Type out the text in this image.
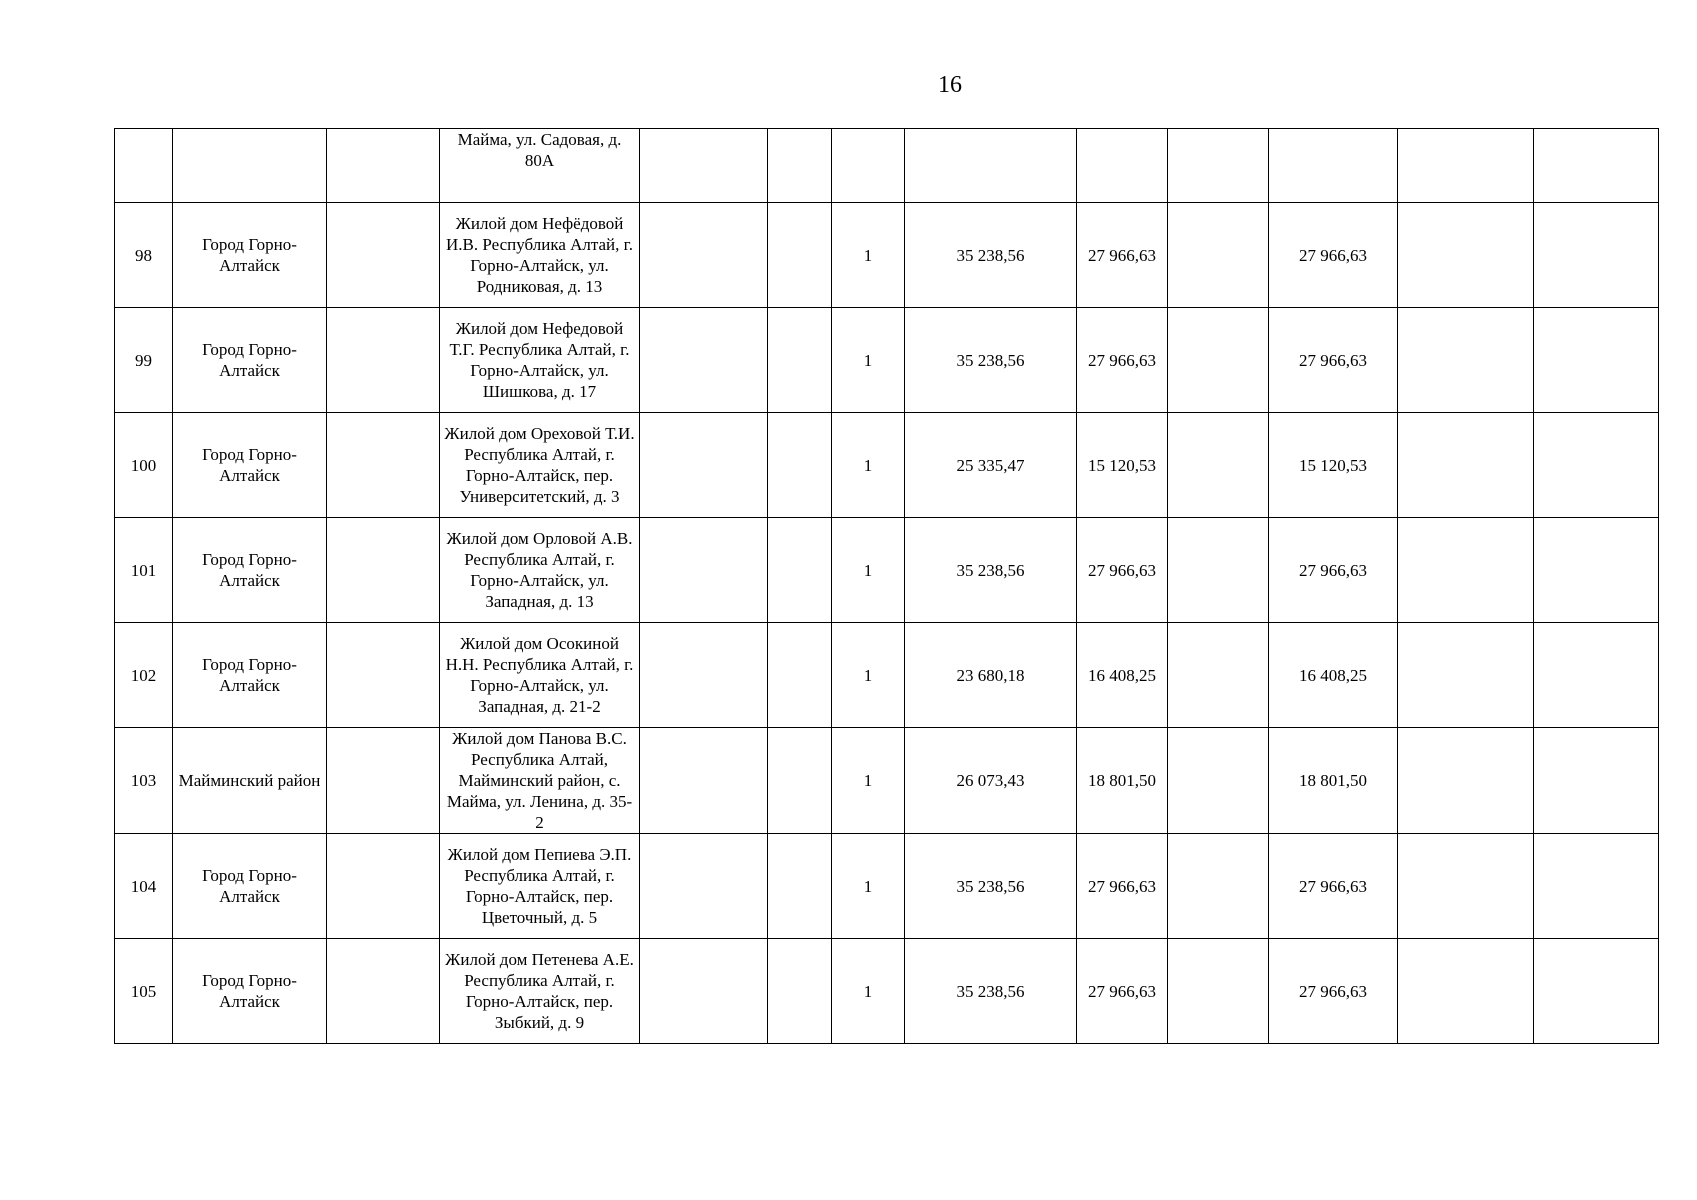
16
			Майма, ул. Садовая, д. 80А									
98	Город Горно-Алтайск		Жилой дом Нефёдовой И.В. Республика Алтай, г. Горно-Алтайск, ул. Родниковая, д. 13			1	35 238,56	27 966,63		27 966,63		
99	Город Горно-Алтайск		Жилой дом Нефедовой Т.Г. Республика Алтай, г. Горно-Алтайск, ул. Шишкова, д. 17			1	35 238,56	27 966,63		27 966,63		
100	Город Горно-Алтайск		Жилой дом Ореховой Т.И. Республика Алтай, г. Горно-Алтайск, пер. Университетский, д. 3			1	25 335,47	15 120,53		15 120,53		
101	Город Горно-Алтайск		Жилой дом Орловой А.В. Республика Алтай, г. Горно-Алтайск, ул. Западная, д. 13			1	35 238,56	27 966,63		27 966,63		
102	Город Горно-Алтайск		Жилой дом Осокиной Н.Н. Республика Алтай, г. Горно-Алтайск, ул. Западная, д. 21-2			1	23 680,18	16 408,25		16 408,25		
103	Майминский район		Жилой дом Панова В.С. Республика Алтай, Майминский район, с. Майма, ул. Ленина, д. 35-2			1	26 073,43	18 801,50		18 801,50		
104	Город Горно-Алтайск		Жилой дом Пепиева Э.П. Республика Алтай, г. Горно-Алтайск, пер. Цветочный, д. 5			1	35 238,56	27 966,63		27 966,63		
105	Город Горно-Алтайск		Жилой дом Петенева А.Е. Республика Алтай, г. Горно-Алтайск, пер. Зыбкий, д. 9			1	35 238,56	27 966,63		27 966,63		
